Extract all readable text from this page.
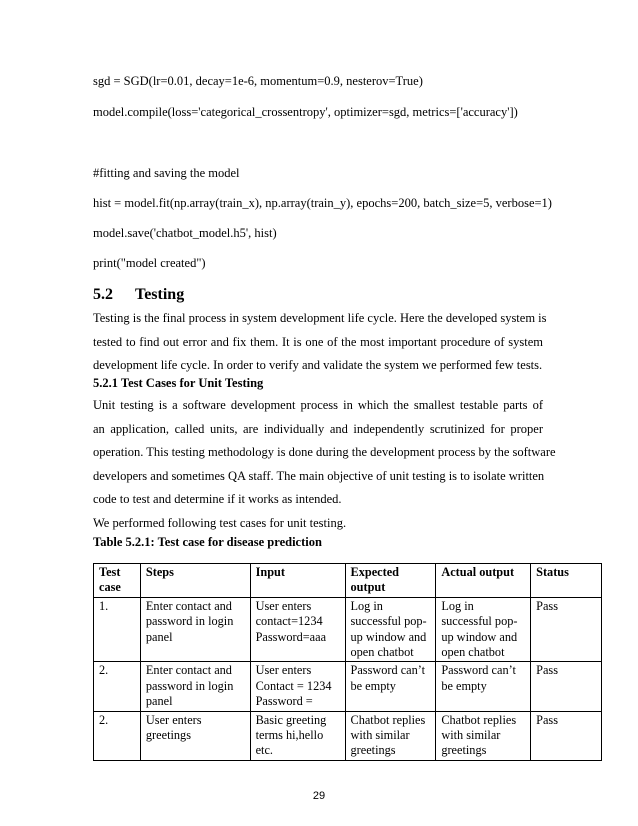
sgd = SGD(lr=0.01, decay=1e-6, momentum=0.9, nesterov=True)
model.compile(loss='categorical_crossentropy', optimizer=sgd, metrics=['accuracy'])
#fitting and saving the model
hist = model.fit(np.array(train_x), np.array(train_y), epochs=200, batch_size=5, verbose=1)
model.save('chatbot_model.h5', hist)
print("model created")
5.2 Testing

Testing is the final process in system development life cycle. Here the developed system is

tested to find out error and fix them. It is one of the most important procedure of system

development life cycle. In order to verify and validate the system we performed few tests.

5.2.1 Test Cases for Unit Testing

Unit testing is a software development process in which the smallest testable parts of

an application, called units, are individually and independently scrutinized for proper

operation. This testing methodology is done during the development process by the software

developers and sometimes QA staff. The main objective of unit testing is to isolate written

code to test and determine if it works as intended.

We performed following test cases for unit testing.

Table 5.2.1: Test case for disease prediction
Test case	Steps	Input	Expected output	Actual output	Status
1.	Enter contact and password in login panel	User enters contact=1234 Password=aaa	Log in successful pop-up window and open chatbot	Log in successful pop-up window and open chatbot	Pass
2.	Enter contact and password in login panel	User enters Contact = 1234 Password =	Password can’t be empty	Password can’t be empty	Pass
2.	User enters greetings	Basic greeting terms hi,hello etc.	Chatbot replies with similar greetings	Chatbot replies with similar greetings	Pass
29
